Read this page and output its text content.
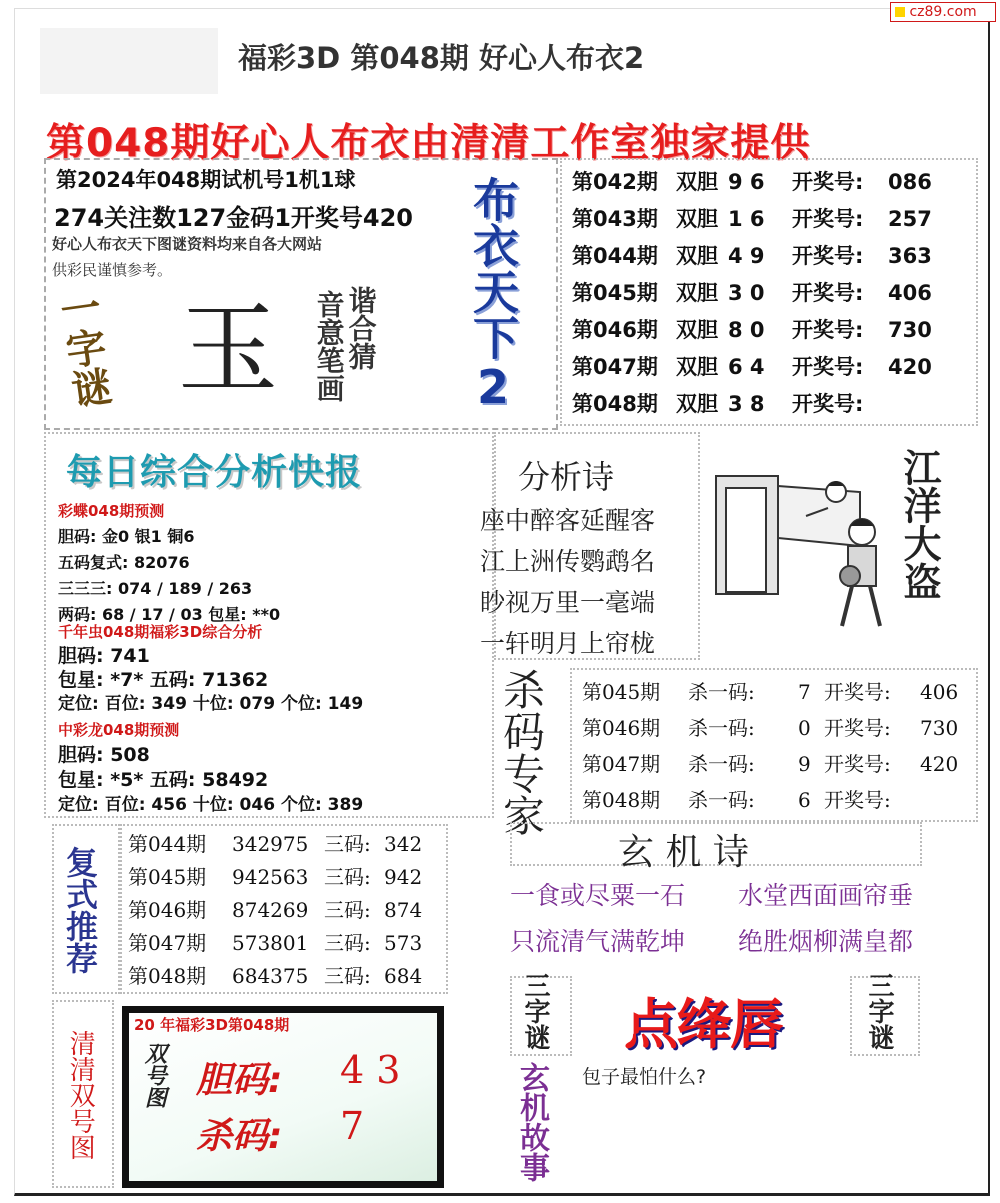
cz89.com
福彩3D 第048期 好心人布衣2
第048期好心人布衣由清清工作室独家提供
第2024年048期试机号1机1球
274关注数127金码1开奖号420
好心人布衣天下图谜资料均来自各大网站
供彩民谨慎参考。
一字谜 玉 谐合猜
音意笔画	布衣天下2 第042期 双胆 9 6	开奖号:	086
第043期 双胆 1 6	开奖号:	257
第044期 双胆 4 9	开奖号:	363
第045期 双胆 3 0	开奖号:	406
第046期 双胆 8 0	开奖号:	730
第047期 双胆 6 4	开奖号:	420
第048期 双胆 3 8	开奖号:
每日综合分析快报
彩蝶048期预测
胆码: 金0 银1 铜6
五码复式: 82076
三三三: 074 / 189 / 263
两码: 68 / 17 / 03 包星: **0
千年虫048期福彩3D综合分析
胆码: 741
包星: *7* 五码: 71362
定位: 百位: 349 十位: 079 个位: 149
中彩龙048期预测
胆码: 508
包星: *5* 五码: 58492
定位: 百位: 456 十位: 046 个位: 389
分析诗
座中醉客延醒客
江上洲传鹦鹉名
眇视万里一毫端
一轩明月上帘栊
江洋大盗
杀码专家 第045期	杀一码:	7 开奖号:	406
第046期	杀一码:	0 开奖号:	730
第047期	杀一码:	9 开奖号:	420
第048期	杀一码:	6 开奖号:
玄 机 诗
一食或尽粟一石 水堂西面画帘垂
只流清气满乾坤 绝胜烟柳满皇都
复式推荐
第044期	342975 三码: 342
第045期	942563 三码: 942
第046期	874269 三码: 874
第047期	573801 三码: 573
第048期	684375 三码: 684
清清双号图
20 年福彩3D第048期
双号图 胆码: 4 3
杀码: 7
三字谜 点绛唇	三字谜
包子最怕什么?
玄机故事
